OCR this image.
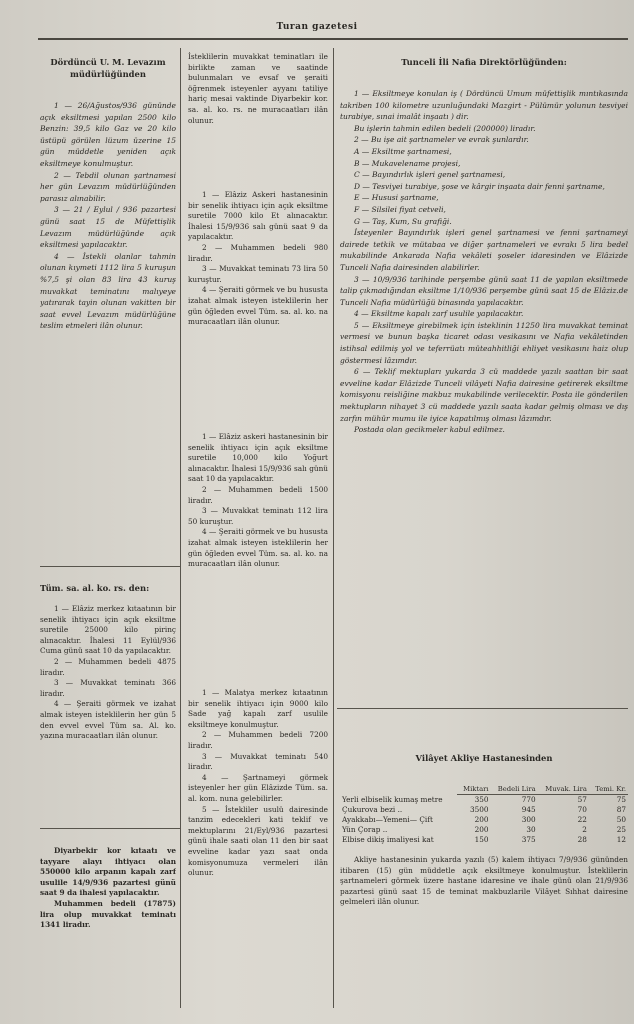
Turan gazetesi

Dördüncü U. M. Levazım

müdürlüğünden

1 — 26/Ağustos/936 gününde açık eksiltmesi yapılan 2500 kilo Benzin: 39,5 kilo Gaz ve 20 kilo üstüpü görülen lüzum üzerine 15 gün müddetle yeniden açık eksiltmeye konulmuştur.

2 — Tebdil olunan şartnamesi her gün Levazım müdürlüğünden parasız alınabilir.

3 — 21 / Eylul / 936 pazartesi günü saat 15 de Müfettişlik Levazım müdürlüğünde açık eksiltmesi yapılacaktır.

4 — İstekli olanlar tahmin olunan kıymeti 1112 lira 5 kuruşun %7,5 şi olan 83 lira 43 kuruş muvakkat teminatını malıyeye yatırarak tayin olunan vakitten bir saat evvel Levazım müdürlüğüne teslim etmeleri ilân olunur.

Tüm. sa. al. ko. rs. den:

1 — Elâziz merkez kıtaatının bir senelik ihtiyacı için açık eksiltme suretile 25000 kilo pirinç alınacaktır. İhalesi 11 Eylül/936 Cuma günü saat 10 da yapılacaktır.

2 — Muhammen bedeli 4875 liradır.

3 — Muvakkat teminatı 366 liradır.

4 — Şeraiti görmek ve izahat almak isteyen isteklilerin her gün 5 den evvel evvel Tüm sa. Al. ko. yazına muracaatları ilân olunur.

Diyarbekir kor kıtaatı ve tayyare alayı ihtiyacı olan 550000 kilo arpanın kapalı zarf usulile 14/9/936 pazartesi günü saat 9 da ihalesi yapılacaktır.

Muhammen bedeli (17875) lira olup muvakkat teminatı 1341 liradır.

İsteklilerin muvakkat teminatları ile birlikte zaman ve saatinde bulunmaları ve evsaf ve şeraiti öğrenmek isteyenler ayyanı tatiliye hariç mesai vaktinde Diyarbekir kor. sa. al. ko. rs. ne muracaatları ilân olunur.

1 — Elâziz Askeri hastanesinin bir senelik ihtiyacı için açık eksiltme suretile 7000 kilo Et alınacaktır. İhalesi 15/9/936 salı günü saat 9 da yapılacaktır.

2 — Muhammen bedeli 980 liradır.

3 — Muvakkat teminatı 73 lira 50 kuruştur.

4 — Şeraiti görmek ve bu hususta izahat almak isteyen isteklilerin her gün öğleden evvel Tüm. sa. al. ko. na muracaatları ilân olunur.

1 — Elâziz askeri hastanesinin bir senelik ihtiyacı için açık eksiltme suretile 10,000 kilo Yoğurt alınacaktır. İhalesi 15/9/936 salı günü saat 10 da yapılacaktır.

2 — Muhammen bedeli 1500 liradır.

3 — Muvakkat teminatı 112 lira 50 kuruştur.

4 — Şeraiti görmek ve bu hususta izahat almak isteyen isteklilerin her gün öğleden evvel Tüm. sa. al. ko. na muracaatları ilân olunur.

1 — Malatya merkez kıtaatının bir senelik ihtiyacı için 9000 kilo Sade yağ kapalı zarf usulile eksiltmeye konulmuştur.

2 — Muhammen bedeli 7200 liradır.

3 — Muvakkat teminatı 540 liradır.

4 — Şartnameyi görmek isteyenler her gün Elâzizde Tüm. sa. al. kom. nuna gelebilirler.

5 — İstekliler usulü dairesinde tanzim edecekleri kati teklif ve mektuplarını 21/Eyl/936 pazartesi günü ihale saati olan 11 den bir saat evveline kadar yazı saat onda komisyonumuza vermeleri ilân olunur.

Tunceli İli Nafia Direktörlüğünden:

1 — Eksiltmeye konulan iş ( Dördüncü Umum müfettişlik mıntıkasında takriben 100 kilometre uzunluğundaki Mazgirt - Pülümür yolunun tesviyei turabiye, sınai imalât inşaatı ) dir.

Bu işlerin tahmin edilen bedeli (200000) liradır.

2 — Bu işe ait şartnameler ve evrak şunlardır.

A — Eksiltme şartnamesi,

B — Mukavelename projesi,

C — Bayındırlık işleri genel şartnamesi,

D — Tesviyei turabiye, şose ve kârgir inşaata dair fenni şartname,

E — Hususi şartname,

F — Silsilei fiyat cetveli,

G — Taş, Kum, Su grafiği.

İsteyenler Bayındırlık işleri genel şartnamesi ve fenni şartnameyi dairede tetkik ve mütabaa ve diğer şartnameleri ve evrakı 5 lira bedel mukabilinde Ankarada Nafia vekâleti şoseler idaresinden ve Elâzizde Tunceli Nafia dairesinden alabilirler.

3 — 10/9/936 tarihinde perşembe günü saat 11 de yapılan eksiltmede talip çıkmadığından eksiltme 1/10/936 perşembe günü saat 15 de Elâziz.de Tunceli Nafia müdürlüğü binasında yapılacaktır.

4 — Eksiltme kapalı zarf usulile yapılacaktır.

5 — Eksiltmeye girebilmek için isteklinin 11250 lira muvakkat teminat vermesi ve bunun başka ticaret odası vesikasını ve Nafia vekâletinden istihsal edilmiş yol ve teferrüatı müteahhitliği ehliyet vesikasını haiz olup göstermesi lâzımdır.

6 — Teklif mektupları yukarda 3 cü maddede yazılı saattan bir saat evveline kadar Elâzizde Tunceli vilâyeti Nafia dairesine getirerek eksiltme komisyonu reisliğine makbuz mukabilinde verilecektir. Posta ile gönderilen mektupların nihayet 3 cü maddede yazılı saata kadar gelmiş olması ve dış zarfın mühür mumu ile iyice kapatılmış olması lâzımdır.

Postada olan gecikmeler kabul edilmez.

Vilâyet Akliye Hastanesinden

	Miktarı	Bedeli Lira	Muvak. Lira	Temi. Kr.
Yerli elbiselik kumaş metre	350	770	57	75
Çukurova bezi ..	3500	945	70	87
Ayakkabı—Yemeni— Çift	200	300	22	50
Yün Çorap ..	200	30	2	25
Elbise dikiş imaliyesi kat	150	375	28	12

Akliye hastanesinin yukarda yazılı (5) kalem ihtiyacı 7/9/936 gününden itibaren (15) gün müddetle açık eksiltmeye konulmuştur. İsteklilerin şartnameleri görmek üzere hastane idaresine ve ihale günü olan 21/9/936 pazartesi günü saat 15 de teminat makbuzlarile Vilâyet Sıhhat dairesine gelmeleri ilân olunur.
